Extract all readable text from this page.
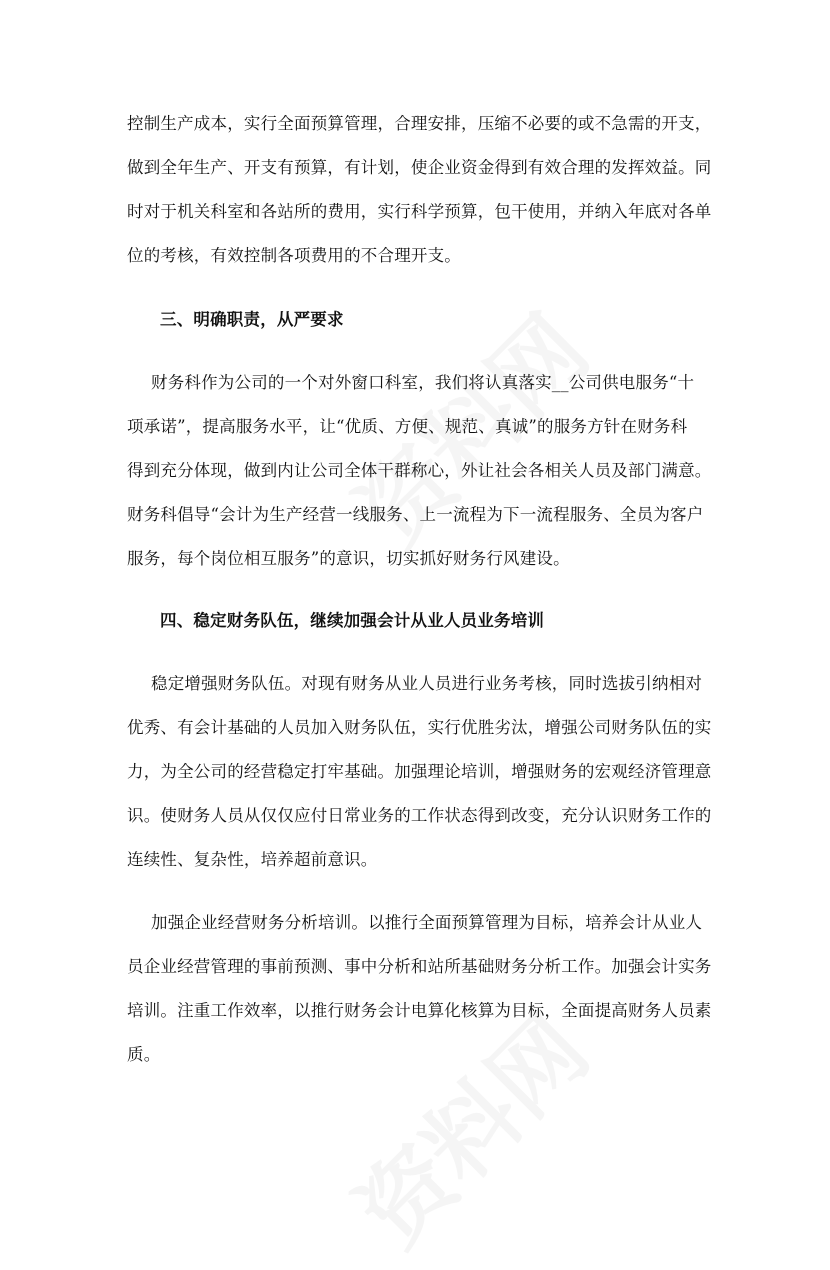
控制生产成本，实行全面预算管理，合理安排，压缩不必要的或不急需的开支，
做到全年生产、开支有预算，有计划，使企业资金得到有效合理的发挥效益。同
时对于机关科室和各站所的费用，实行科学预算，包干使用，并纳入年底对各单
位的考核，有效控制各项费用的不合理开支。
三、明确职责，从严要求
财务科作为公司的一个对外窗口科室，我们将认真落实__公司供电服务“十
项承诺”，提高服务水平，让“优质、方便、规范、真诚”的服务方针在财务科
得到充分体现，做到内让公司全体干群称心，外让社会各相关人员及部门满意。
财务科倡导“会计为生产经营一线服务、上一流程为下一流程服务、全员为客户
服务，每个岗位相互服务”的意识，切实抓好财务行风建设。
四、稳定财务队伍，继续加强会计从业人员业务培训
稳定增强财务队伍。对现有财务从业人员进行业务考核，同时选拔引纳相对
优秀、有会计基础的人员加入财务队伍，实行优胜劣汰，增强公司财务队伍的实
力，为全公司的经营稳定打牢基础。加强理论培训，增强财务的宏观经济管理意
识。使财务人员从仅仅应付日常业务的工作状态得到改变，充分认识财务工作的
连续性、复杂性，培养超前意识。
加强企业经营财务分析培训。以推行全面预算管理为目标，培养会计从业人
员企业经营管理的事前预测、事中分析和站所基础财务分析工作。加强会计实务
培训。注重工作效率，以推行财务会计电算化核算为目标，全面提高财务人员素
质。
